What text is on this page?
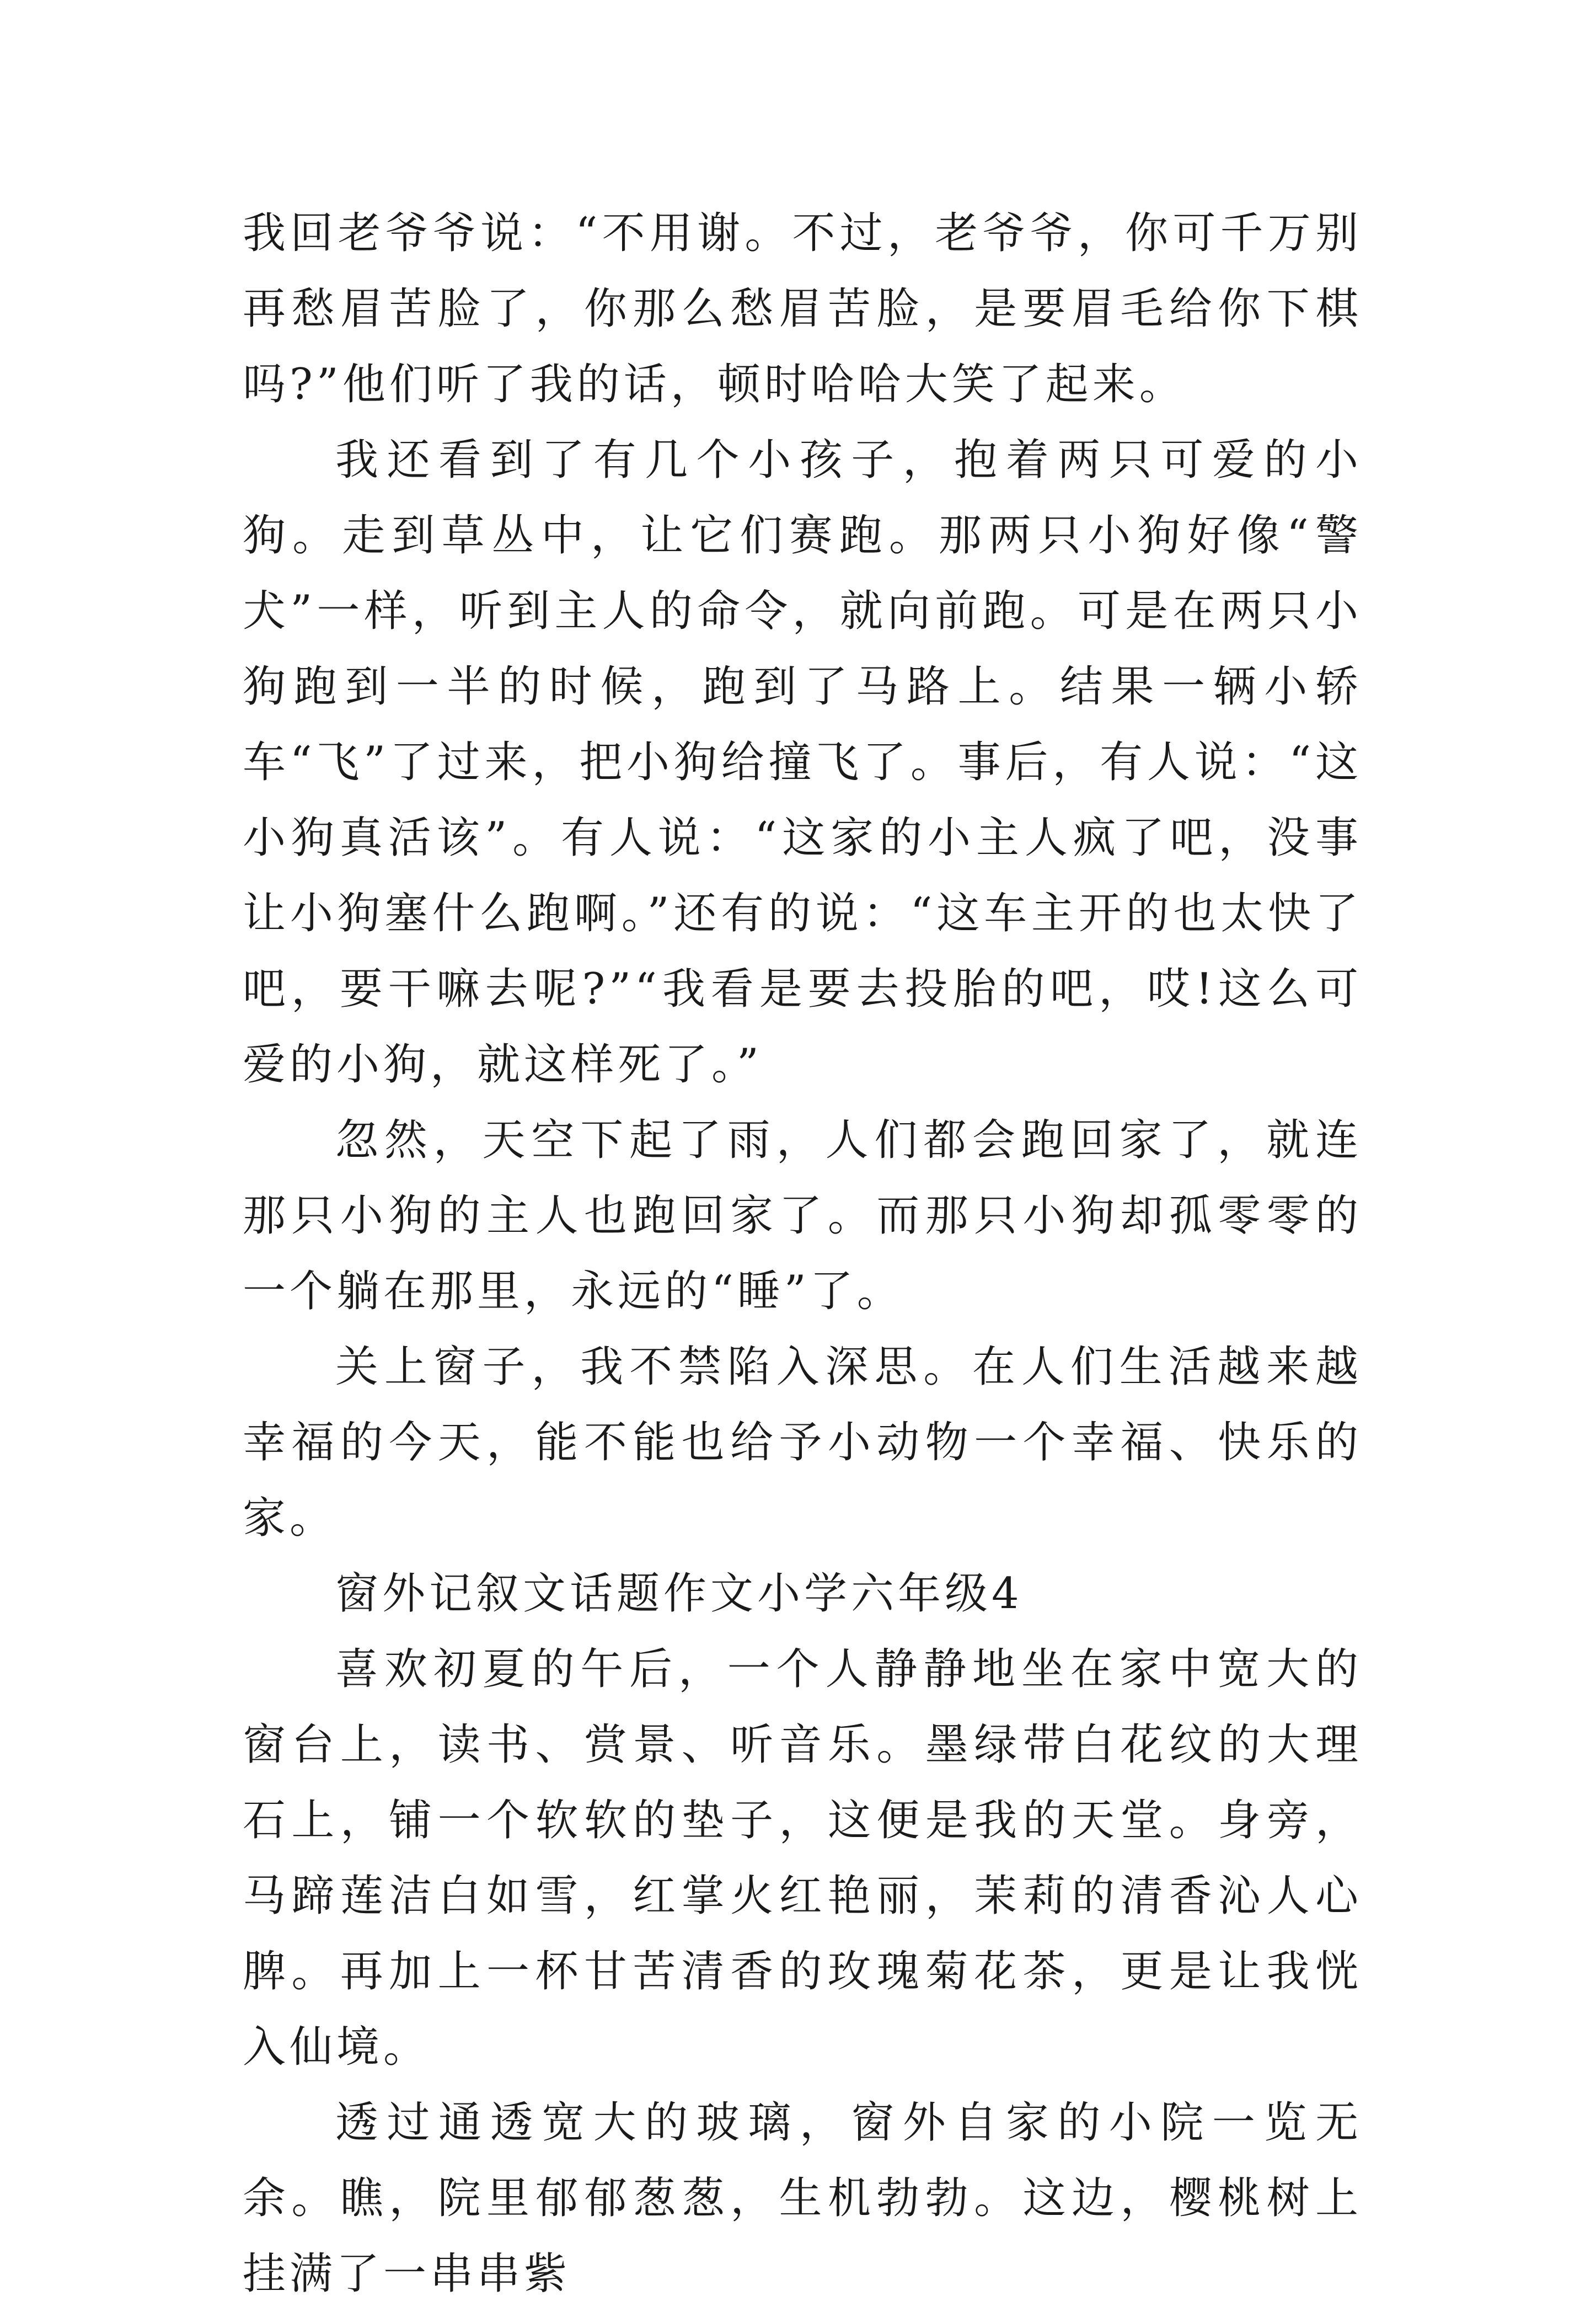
我回老爷爷说：“不用谢。不过，老爷爷，你可千万别再愁眉苦脸了，你那么愁眉苦脸，是要眉毛给你下棋吗?”他们听了我的话，顿时哈哈大笑了起来。

我还看到了有几个小孩子，抱着两只可爱的小狗。走到草丛中，让它们赛跑。那两只小狗好像“警犬”一样，听到主人的命令，就向前跑。可是在两只小狗跑到一半的时候，跑到了马路上。结果一辆小轿车“飞”了过来，把小狗给撞飞了。事后，有人说：“这小狗真活该”。有人说：“这家的小主人疯了吧，没事让小狗塞什么跑啊。”还有的说：“这车主开的也太快了吧，要干嘛去呢?”“我看是要去投胎的吧，哎!这么可爱的小狗，就这样死了。”

忽然，天空下起了雨，人们都会跑回家了，就连那只小狗的主人也跑回家了。而那只小狗却孤零零的一个躺在那里，永远的“睡”了。

关上窗子，我不禁陷入深思。在人们生活越来越幸福的今天，能不能也给予小动物一个幸福、快乐的家。

窗外记叙文话题作文小学六年级4

喜欢初夏的午后，一个人静静地坐在家中宽大的窗台上，读书、赏景、听音乐。墨绿带白花纹的大理石上，铺一个软软的垫子，这便是我的天堂。身旁，马蹄莲洁白如雪，红掌火红艳丽，茉莉的清香沁人心脾。再加上一杯甘苦清香的玫瑰菊花茶，更是让我恍入仙境。

透过通透宽大的玻璃，窗外自家的小院一览无余。瞧，院里郁郁葱葱，生机勃勃。这边，樱桃树上挂满了一串串紫
